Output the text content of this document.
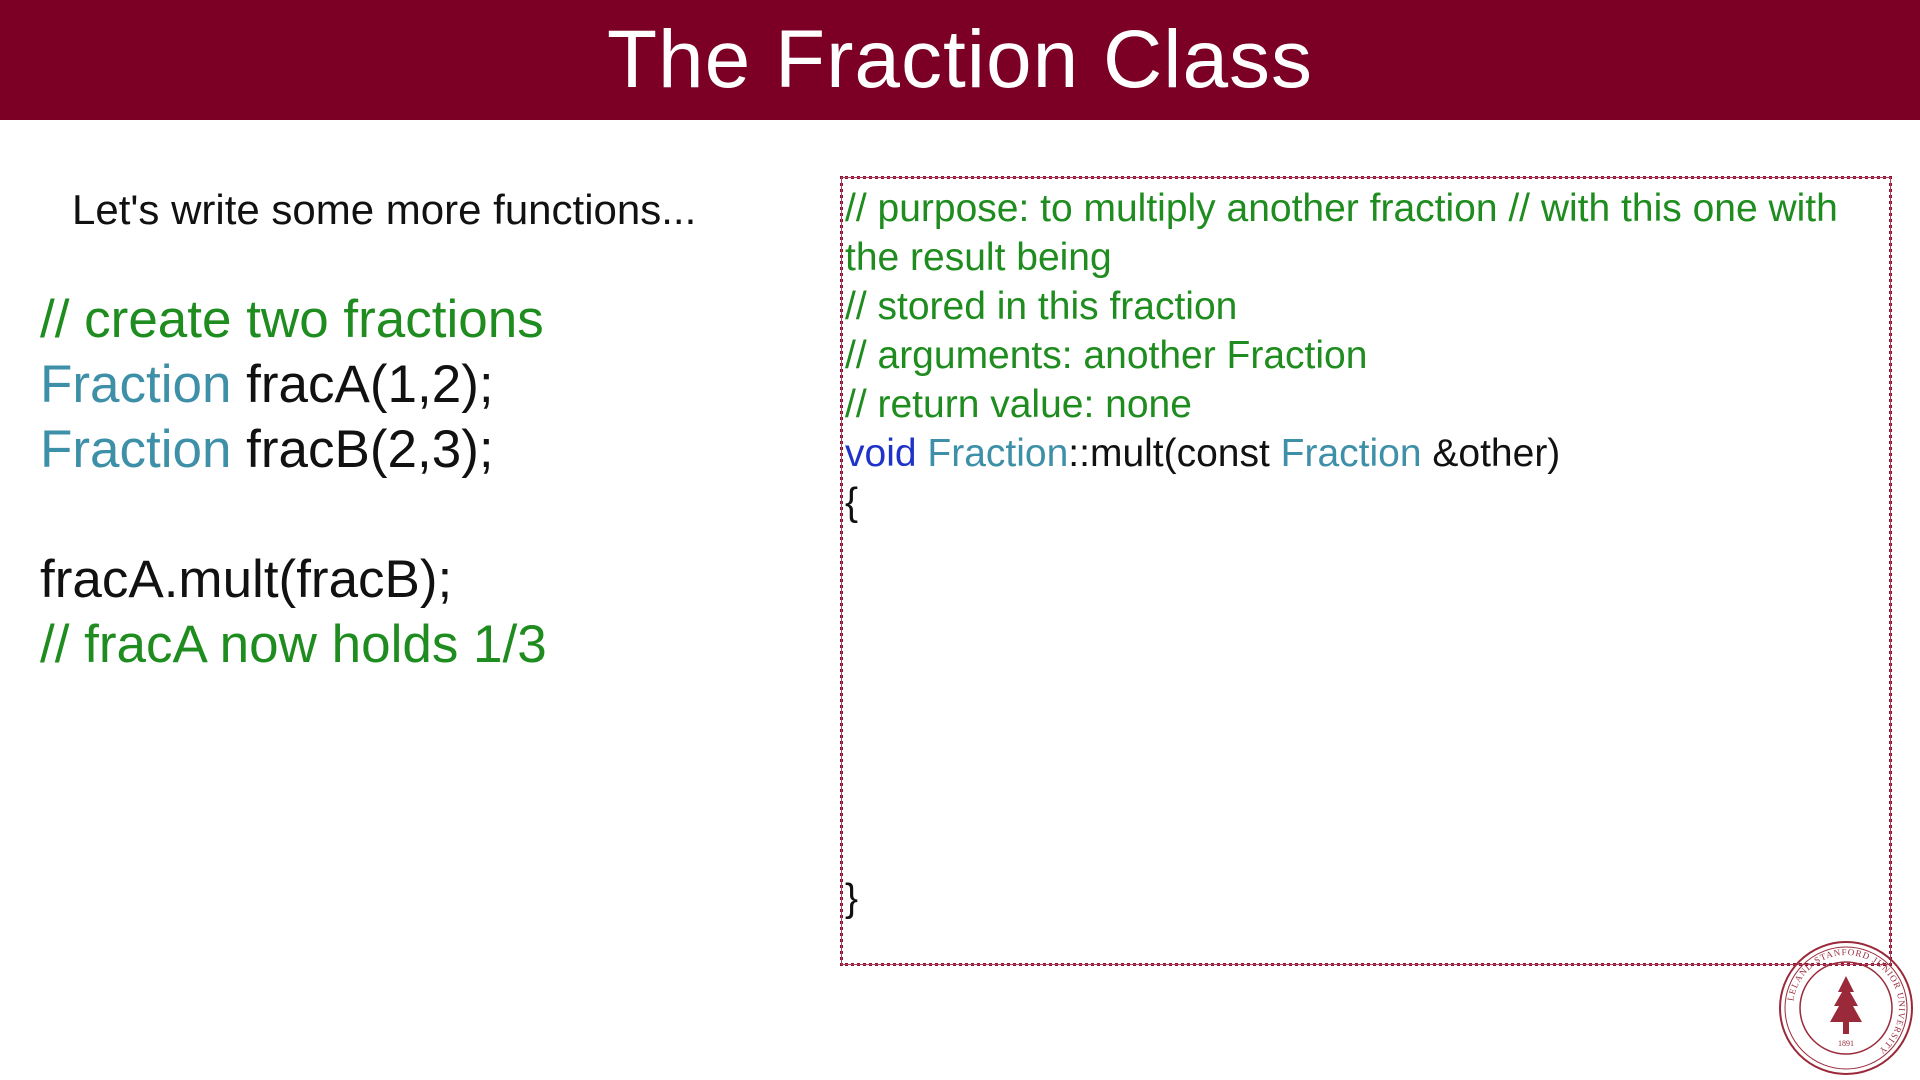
The Fraction Class
Let's write some more functions...
// create two fractions
Fraction fracA(1,2);
Fraction fracB(2,3);
fracA.mult(fracB);
// fracA now holds 1/3
// purpose: to multiply another fraction // with this one with the result being
// stored in this fraction
// arguments: another Fraction
// return value: none
void Fraction::mult(const Fraction &other)
{
}
LELAND STANFORD JUNIOR UNIVERSITY
1891
